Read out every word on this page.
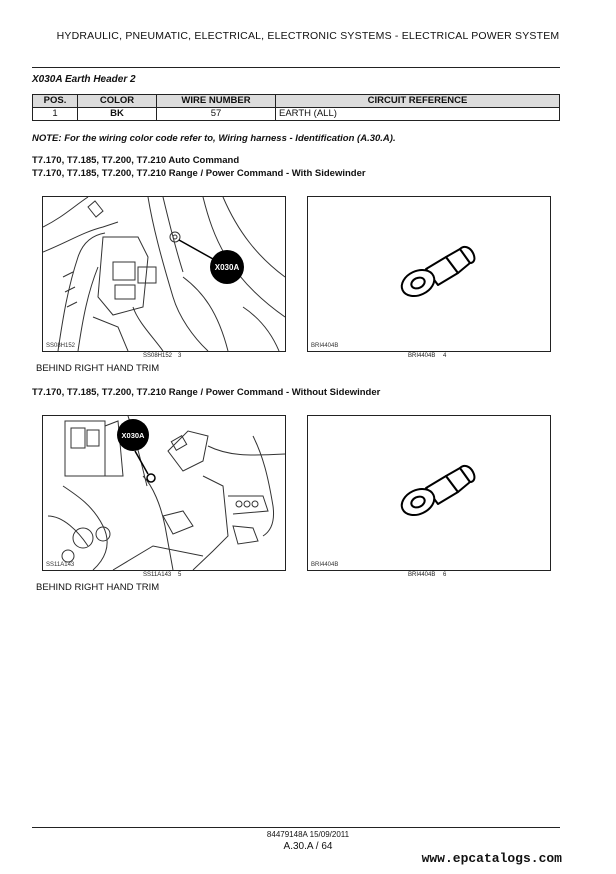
HYDRAULIC, PNEUMATIC, ELECTRICAL, ELECTRONIC SYSTEMS - ELECTRICAL POWER SYSTEM
X030A Earth Header 2
POS.	COLOR	WIRE NUMBER	CIRCUIT REFERENCE
1	BK	57	EARTH (ALL)
NOTE: For the wiring color code refer to, Wiring harness - Identification (A.30.A).
T7.170, T7.185, T7.200, T7.210 Auto Command
T7.170, T7.185, T7.200, T7.210 Range / Power Command - With Sidewinder
X030A
SS08H152
SS08H152 3
BRI4404B
BRI4404B 4
BEHIND RIGHT HAND TRIM
T7.170, T7.185, T7.200, T7.210 Range / Power Command - Without Sidewinder
X030A
SS11A143
SS11A143 5
BRI4404B
BRI4404B 6
BEHIND RIGHT HAND TRIM
84479148A 15/09/2011
A.30.A / 64
www.epcatalogs.com
